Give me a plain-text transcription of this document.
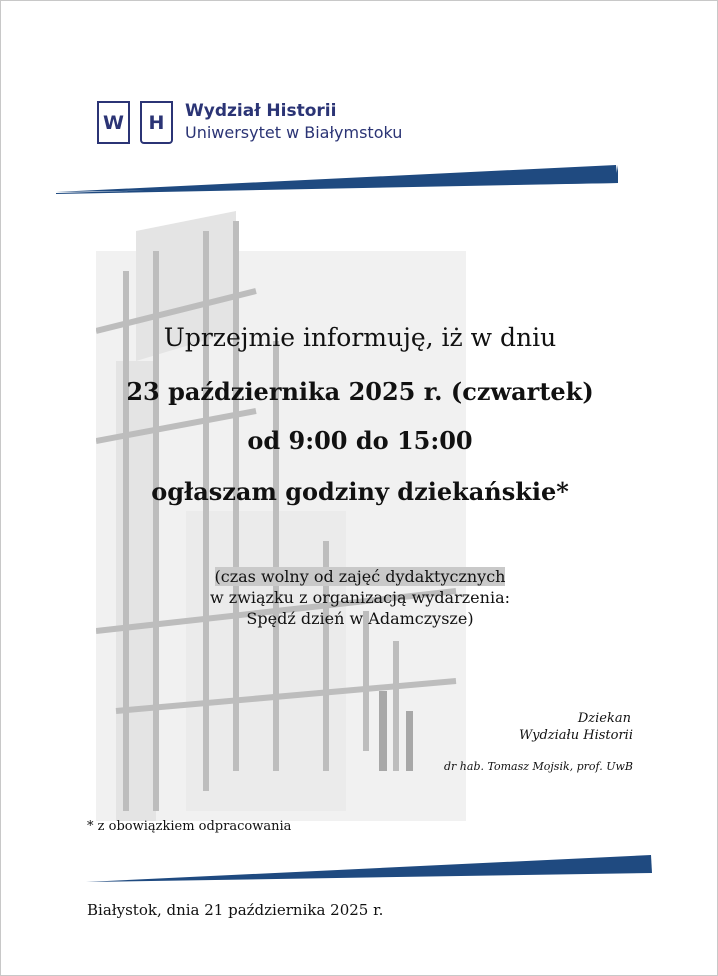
W	H
Wydział Historii
Uniwersytet w Białymstoku
Uprzejmie informuję, iż w dniu
23 października 2025 r. (czwartek)
od 9:00 do 15:00
ogłaszam godziny dziekańskie*
(czas wolny od zajęć dydaktycznych
w związku z organizacją wydarzenia:
Spędź dzień w Adamczysze)
Dziekan
Wydziału Historii
dr hab. Tomasz Mojsik, prof. UwB
* z obowiązkiem odpracowania
Białystok, dnia 21 października 2025 r.
